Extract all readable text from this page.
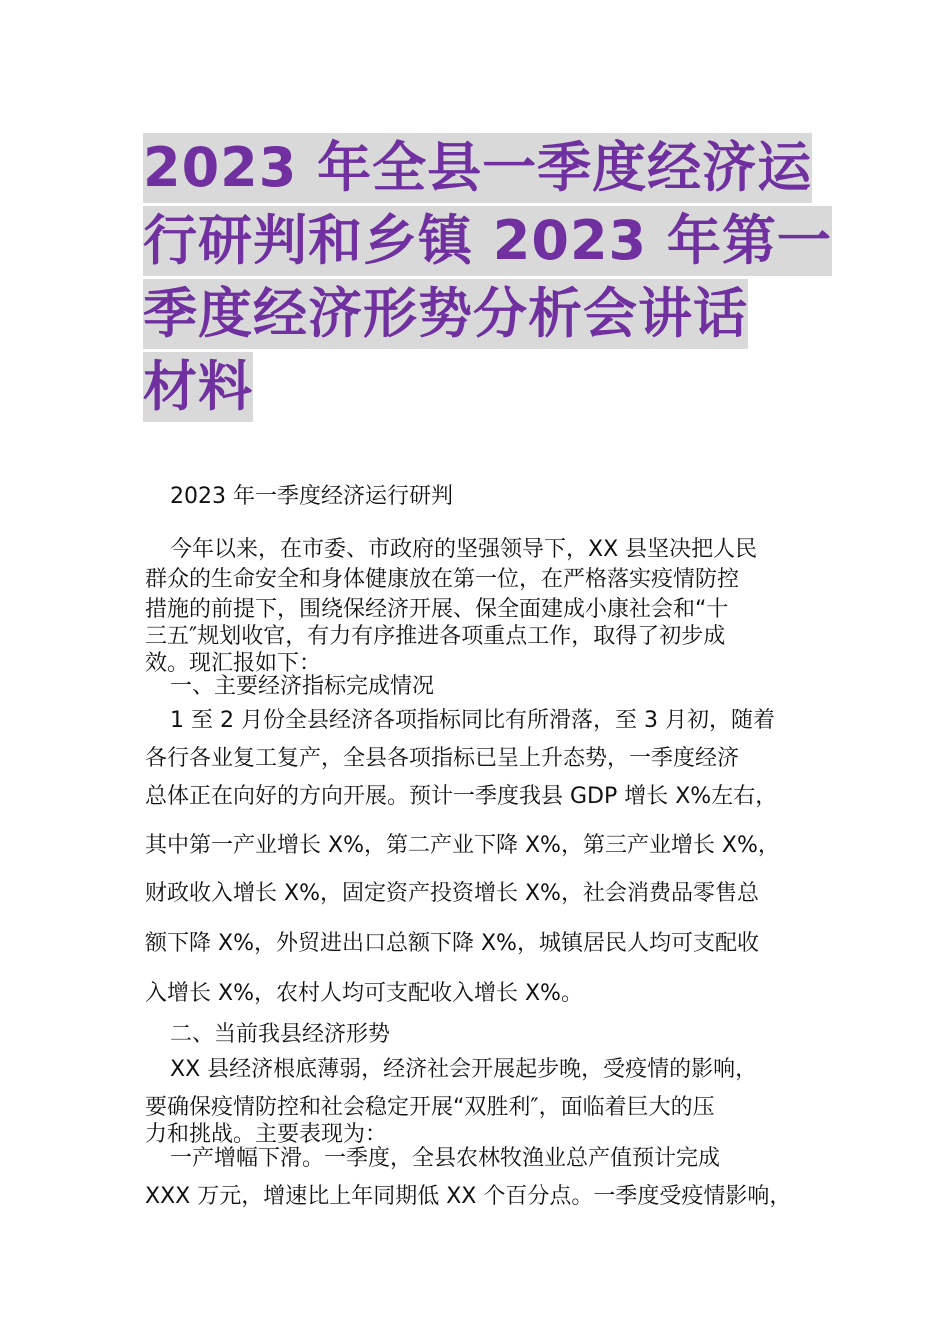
2023 年全县一季度经济运
行研判和乡镇 2023 年第一
季度经济形势分析会讲话
材料
2023 年一季度经济运行研判
今年以来，在市委、市政府的坚强领导下，XX 县坚决把人民
群众的生命安全和身体健康放在第一位，在严格落实疫情防控
措施的前提下，围绕保经济开展、保全面建成小康社会和“十
三五″规划收官，有力有序推进各项重点工作，取得了初步成
效。现汇报如下：
一、主要经济指标完成情况
1 至 2 月份全县经济各项指标同比有所滑落，至 3 月初，随着
各行各业复工复产，全县各项指标已呈上升态势，一季度经济
总体正在向好的方向开展。预计一季度我县 GDP 增长 X%左右，
其中第一产业增长 X%，第二产业下降 X%，第三产业增长 X%，
财政收入增长 X%，固定资产投资增长 X%，社会消费品零售总
额下降 X%，外贸进出口总额下降 X%，城镇居民人均可支配收
入增长 X%，农村人均可支配收入增长 X%。
二、当前我县经济形势
XX 县经济根底薄弱，经济社会开展起步晚，受疫情的影响，
要确保疫情防控和社会稳定开展“双胜利″，面临着巨大的压
力和挑战。主要表现为：
一产增幅下滑。一季度，全县农林牧渔业总产值预计完成
XXX 万元，增速比上年同期低 XX 个百分点。一季度受疫情影响，
